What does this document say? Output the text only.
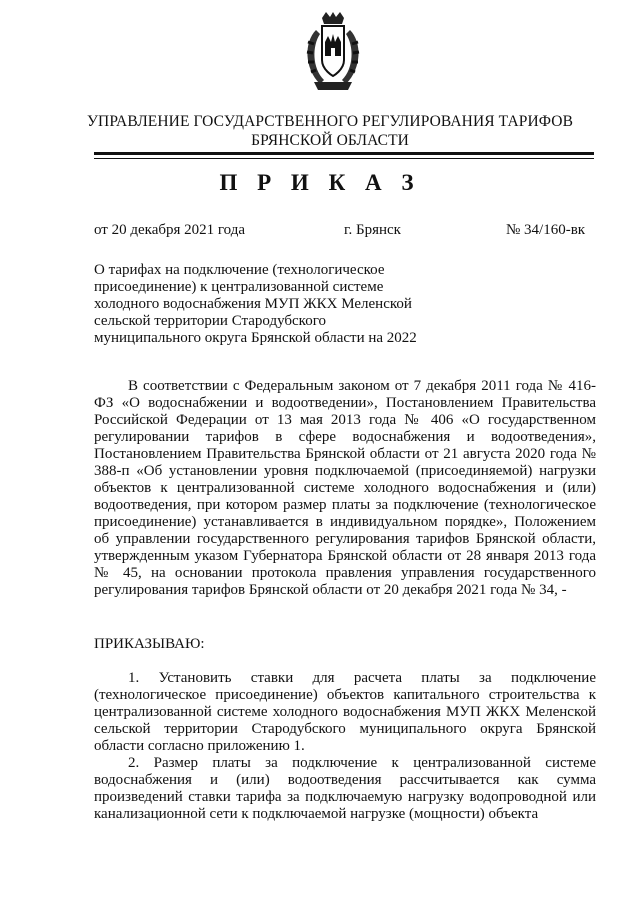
УПРАВЛЕНИЕ ГОСУДАРСТВЕННОГО РЕГУЛИРОВАНИЯ ТАРИФОВ
БРЯНСКОЙ ОБЛАСТИ
П Р И К А З
от 20 декабря 2021 года	г. Брянск	№ 34/160-вк
О тарифах на подключение (технологическое присоединение) к централизованной системе холодного водоснабжения МУП ЖКХ Меленской сельской территории Стародубского муниципального округа Брянской области на 2022

В соответствии с Федеральным законом от 7 декабря 2011 года № 416-ФЗ «О водоснабжении и водоотведении», Постановлением Правительства Российской Федерации от 13 мая 2013 года № 406 «О государственном регулировании тарифов в сфере водоснабжения и водоотведения», Постановлением Правительства Брянской области от 21 августа 2020 года № 388-п «Об установлении уровня подключаемой (присоединяемой) нагрузки объектов к централизованной системе холодного водоснабжения и (или) водоотведения, при котором размер платы за подключение (технологическое присоединение) устанавливается в индивидуальном порядке», Положением об управлении государственного регулирования тарифов Брянской области, утвержденным указом Губернатора Брянской области от 28 января 2013 года № 45, на основании протокола правления управления государственного регулирования тарифов Брянской области от 20 декабря 2021 года № 34, -

ПРИКАЗЫВАЮ:

1. Установить ставки для расчета платы за подключение (технологическое присоединение) объектов капитального строительства к централизованной системе холодного водоснабжения МУП ЖКХ Меленской сельской территории Стародубского муниципального округа Брянской области согласно приложению 1.

2. Размер платы за подключение к централизованной системе водоснабжения и (или) водоотведения рассчитывается как сумма произведений ставки тарифа за подключаемую нагрузку водопроводной или канализационной сети к подключаемой нагрузке (мощности) объекта
